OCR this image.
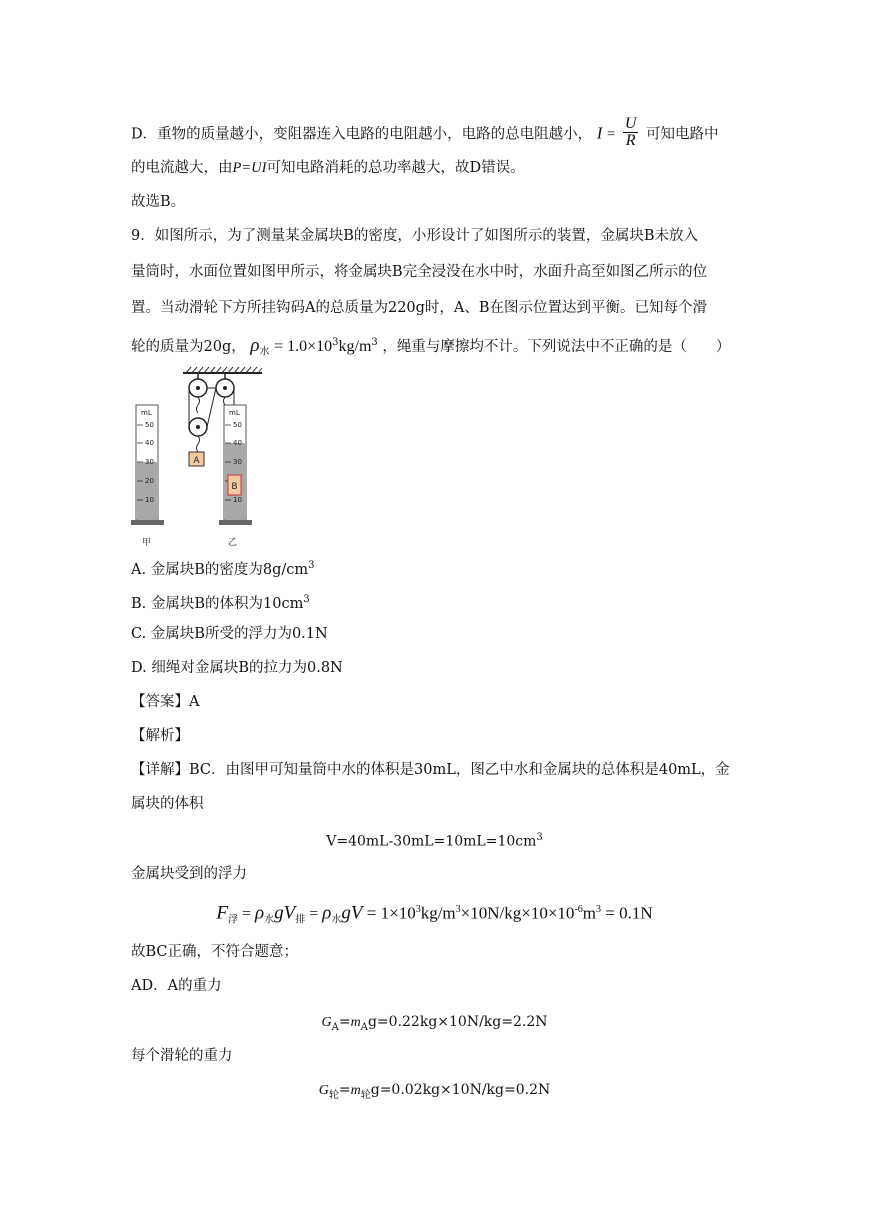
D．重物的质量越小，变阻器连入电路的电阻越小，电路的总电阻越小， $I = \frac{U}{R}$ 可知电路中
的电流越大，由P=UI可知电路消耗的总功率越大，故D错误。
故选B。
9．如图所示，为了测量某金属块B的密度，小形设计了如图所示的装置，金属块B未放入
量筒时，水面位置如图甲所示，将金属块B完全浸没在水中时，水面升高至如图乙所示的位
置。当动滑轮下方所挂钩码A的总质量为220g时，A、B在图示位置达到平衡。已知每个滑
轮的质量为20g， $\rho_水 = 1.0\times 10^3kg/m^3$ ，绳重与摩擦均不计。下列说法中不正确的是（　　）
A
mL
50
40
30
20
10
mL
50
40
30
10
B
甲	乙
A. 金属块B的密度为$8g/cm^3$
B. 金属块B的体积为$10cm^3$
C. 金属块B所受的浮力为0.1N
D. 细绳对金属块B的拉力为0.8N
【答案】A
【解析】
【详解】BC．由图甲可知量筒中水的体积是30mL，图乙中水和金属块的总体积是40mL，金
属块的体积
$V=40mL-30mL=10mL=10cm^3$
金属块受到的浮力
$F_浮 = \rho_水gV_排 = \rho_水gV = 1\times 10^3kg/m^3\times 10N/kg\times 10\times 10^{-6}m^3 = 0.1N$
故BC正确，不符合题意；
AD．A的重力
$G_A=m_Ag=0.22kg\times 10N/kg=2.2N$
每个滑轮的重力
$G_轮=m_轮g=0.02kg\times 10N/kg=0.2N$
